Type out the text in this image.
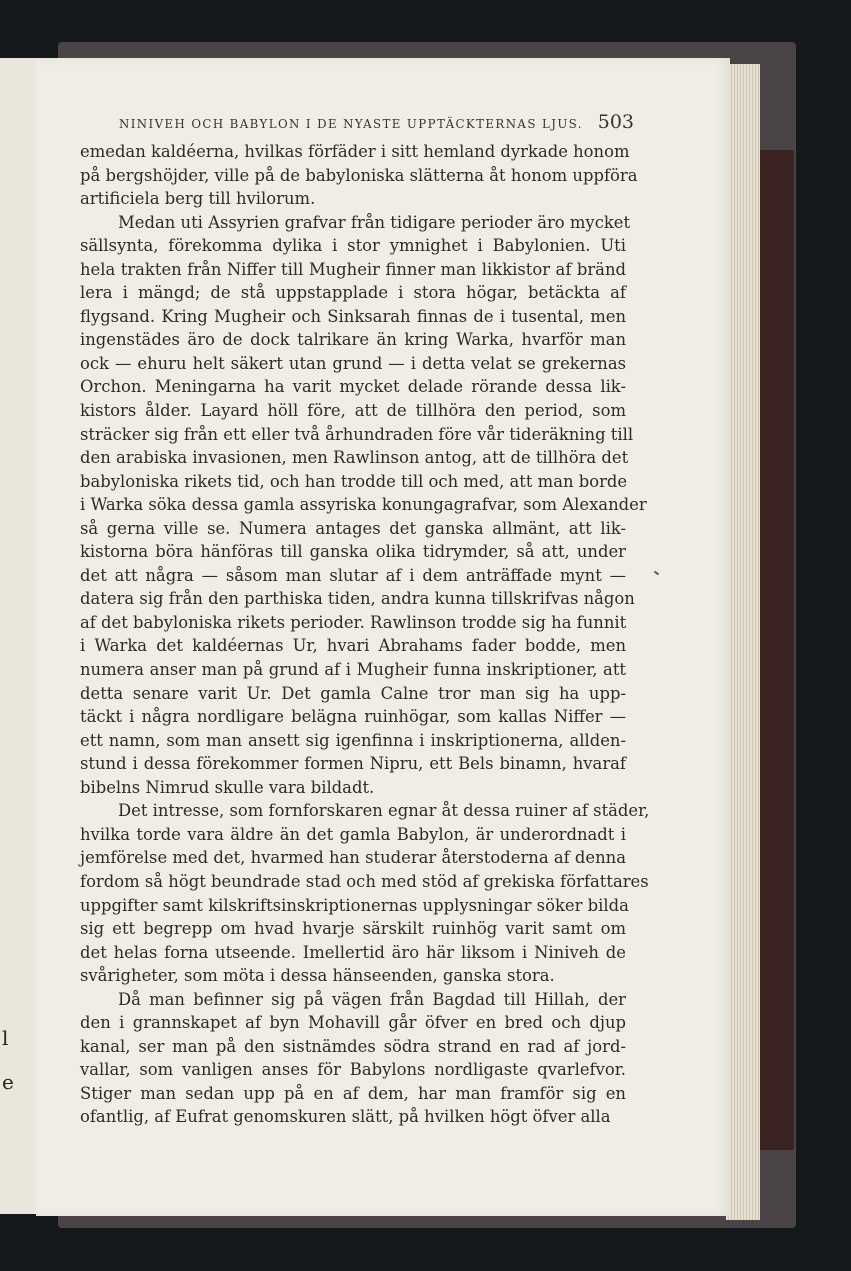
l
e
NINIVEH OCH BABYLON I DE NYASTE UPPTÄCKTERNAS LJUS. 503
emedan kaldéerna, hvilkas förfäder i sitt hemland dyrkade honom
på bergshöjder, ville på de babyloniska slätterna åt honom uppföra
artificiela berg till hvilorum.
Medan uti Assyrien grafvar från tidigare perioder äro mycket
sällsynta, förekomma dylika i stor ymnighet i Babylonien. Uti
hela trakten från Niffer till Mugheir finner man likkistor af bränd
lera i mängd; de stå uppstapplade i stora högar, betäckta af
flygsand. Kring Mugheir och Sinksarah finnas de i tusental, men
ingenstädes äro de dock talrikare än kring Warka, hvarför man
ock — ehuru helt säkert utan grund — i detta velat se grekernas
Orchon. Meningarna ha varit mycket delade rörande dessa lik-
kistors ålder. Layard höll före, att de tillhöra den period, som
sträcker sig från ett eller två århundraden före vår tideräkning till
den arabiska invasionen, men Rawlinson antog, att de tillhöra det
babyloniska rikets tid, och han trodde till och med, att man borde
i Warka söka dessa gamla assyriska konungagrafvar, som Alexander
så gerna ville se. Numera antages det ganska allmänt, att lik-
kistorna böra hänföras till ganska olika tidrymder, så att, under
det att några — såsom man slutar af i dem anträffade mynt —
datera sig från den parthiska tiden, andra kunna tillskrifvas någon
af det babyloniska rikets perioder. Rawlinson trodde sig ha funnit
i Warka det kaldéernas Ur, hvari Abrahams fader bodde, men
numera anser man på grund af i Mugheir funna inskriptioner, att
detta senare varit Ur. Det gamla Calne tror man sig ha upp-
täckt i några nordligare belägna ruinhögar, som kallas Niffer —
ett namn, som man ansett sig igenfinna i inskriptionerna, allden-
stund i dessa förekommer formen Nipru, ett Bels binamn, hvaraf
bibelns Nimrud skulle vara bildadt.
Det intresse, som fornforskaren egnar åt dessa ruiner af städer,
hvilka torde vara äldre än det gamla Babylon, är underordnadt i
jemförelse med det, hvarmed han studerar återstoderna af denna
fordom så högt beundrade stad och med stöd af grekiska författares
uppgifter samt kilskriftsinskriptionernas upplysningar söker bilda
sig ett begrepp om hvad hvarje särskilt ruinhög varit samt om
det helas forna utseende. Imellertid äro här liksom i Niniveh de
svårigheter, som möta i dessa hänseenden, ganska stora.
Då man befinner sig på vägen från Bagdad till Hillah, der
den i grannskapet af byn Mohavill går öfver en bred och djup
kanal, ser man på den sistnämdes södra strand en rad af jord-
vallar, som vanligen anses för Babylons nordligaste qvarlefvor.
Stiger man sedan upp på en af dem, har man framför sig en
ofantlig, af Eufrat genomskuren slätt, på hvilken högt öfver alla
